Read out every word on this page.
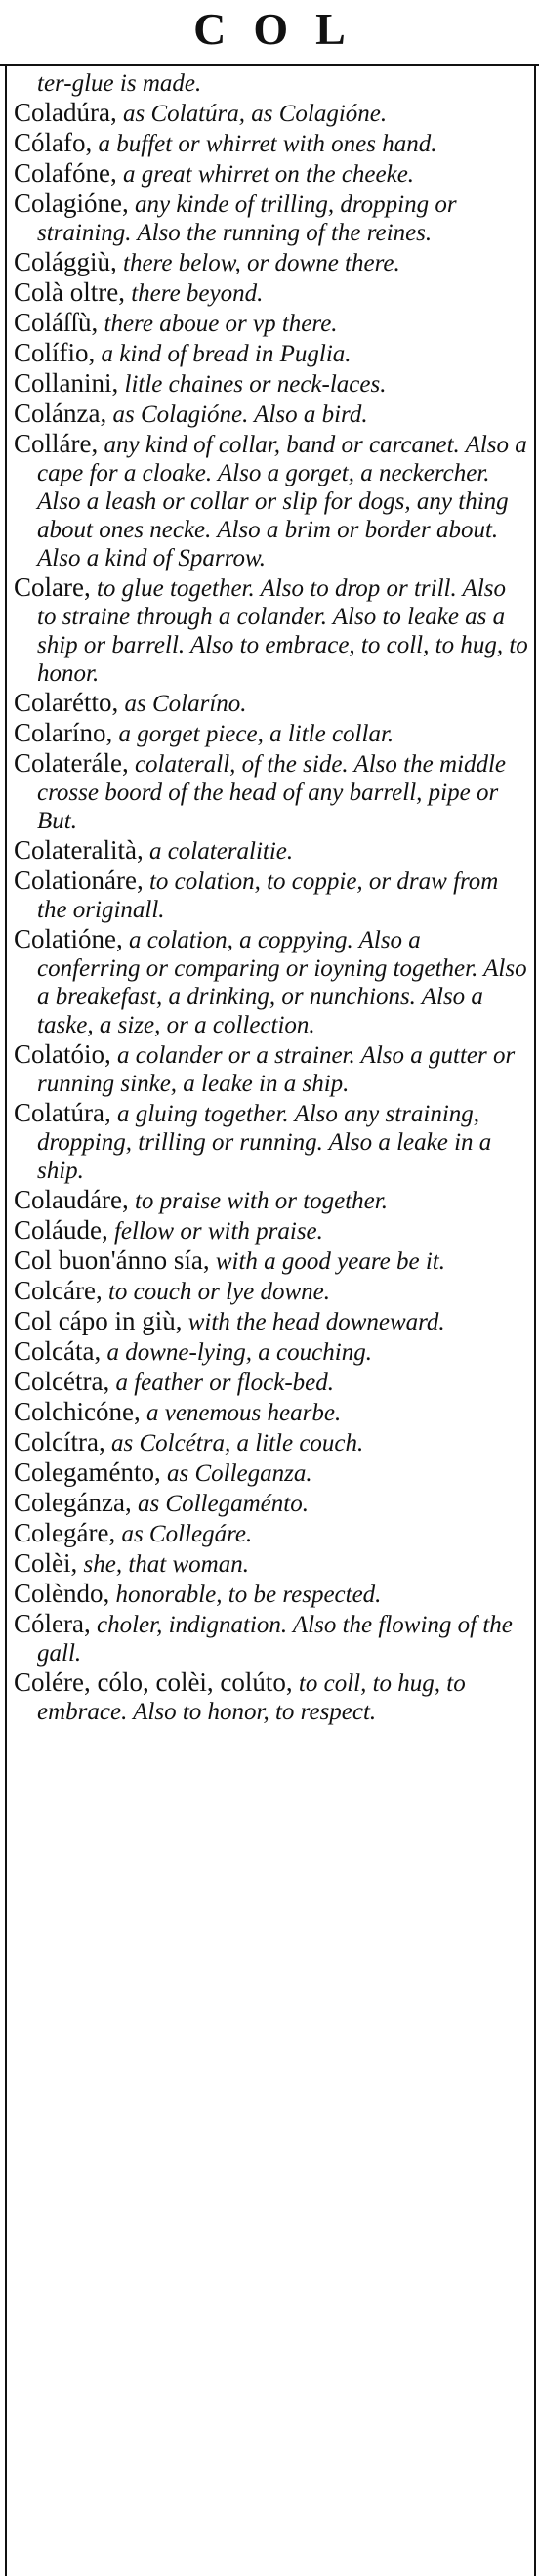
COL

ter-glue is made.

Coladúra, as Colatúra, as Colagióne.

Cólafo, a buffet or whirret with ones hand.

Colafóne, a great whirret on the cheeke.

Colagióne, any kinde of trilling, dropping or straining. Also the running of the reines.

Colággiù, there below, or downe there.

Colà oltre, there beyond.

Coláſſù, there aboue or vp there.

Colífio, a kind of bread in Puglia.

Collanini, litle chaines or neck-laces.

Colánza, as Colagióne. Also a bird.

Colláre, any kind of collar, band or carcanet. Also a cape for a cloake. Also a gorget, a neckercher. Also a leash or collar or slip for dogs, any thing about ones necke. Also a brim or border about. Also a kind of Sparrow.

Colare, to glue together. Also to drop or trill. Also to straine through a colander. Also to leake as a ship or barrell. Also to embrace, to coll, to hug, to honor.

Colarétto, as Colaríno.

Colaríno, a gorget piece, a litle collar.

Colaterále, colaterall, of the side. Also the middle crosse boord of the head of any barrell, pipe or But.

Colateralità, a colateralitie.

Colationáre, to colation, to coppie, or draw from the originall.

Colatióne, a colation, a coppying. Also a conferring or comparing or ioyning together. Also a breakefast, a drinking, or nunchions. Also a taske, a size, or a collection.

Colatóio, a colander or a strainer. Also a gutter or running sinke, a leake in a ship.

Colatúra, a gluing together. Also any straining, dropping, trilling or running. Also a leake in a ship.

Colaudáre, to praise with or together.

Coláude, fellow or with praise.

Col buon'ánno sía, with a good yeare be it.

Colcáre, to couch or lye downe.

Col cápo in giù, with the head downeward.

Colcáta, a downe-lying, a couching.

Colcétra, a feather or flock-bed.

Colchicóne, a venemous hearbe.

Colcítra, as Colcétra, a litle couch.

Colegaménto, as Colleganza.

Colegánza, as Collegaménto.

Colegáre, as Collegáre.

Colèi, she, that woman.

Colèndo, honorable, to be respected.

Cólera, choler, indignation. Also the flowing of the gall.

Colére, cólo, colèi, colúto, to coll, to hug, to embrace. Also to honor, to respect.
